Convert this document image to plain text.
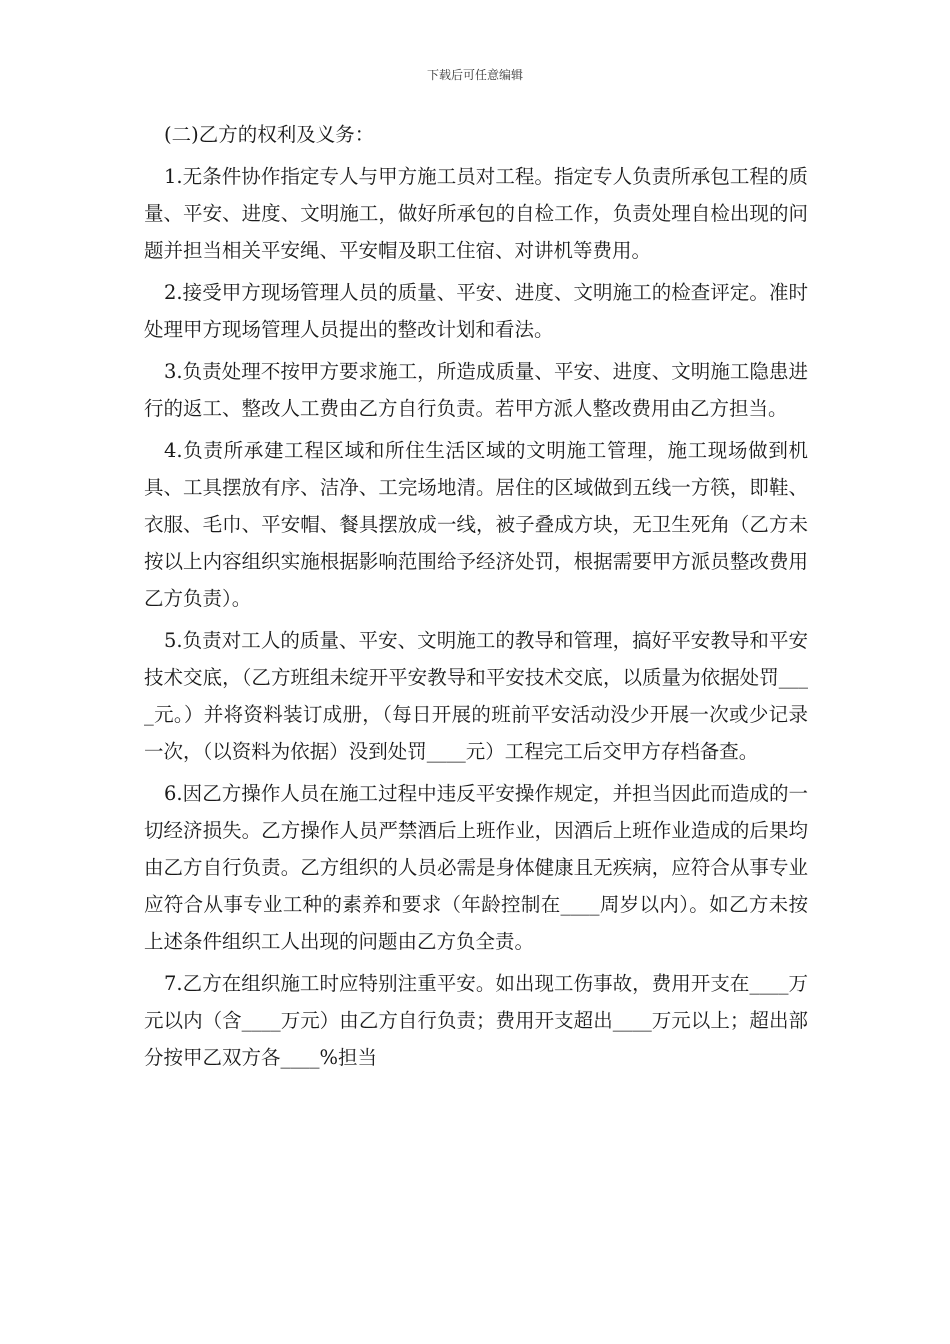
下载后可任意编辑

(二)乙方的权利及义务：

1.无条件协作指定专人与甲方施工员对工程。指定专人负责所承包工程的质量、平安、进度、文明施工，做好所承包的自检工作，负责处理自检出现的问题并担当相关平安绳、平安帽及职工住宿、对讲机等费用。

2.接受甲方现场管理人员的质量、平安、进度、文明施工的检查评定。准时处理甲方现场管理人员提出的整改计划和看法。

3.负责处理不按甲方要求施工，所造成质量、平安、进度、文明施工隐患进行的返工、整改人工费由乙方自行负责。若甲方派人整改费用由乙方担当。

4.负责所承建工程区域和所住生活区域的文明施工管理，施工现场做到机具、工具摆放有序、洁净、工完场地清。居住的区域做到五线一方筷，即鞋、衣服、毛巾、平安帽、餐具摆放成一线，被子叠成方块，无卫生死角（乙方未按以上内容组织实施根据影响范围给予经济处罚，根据需要甲方派员整改费用乙方负责）。

5.负责对工人的质量、平安、文明施工的教导和管理，搞好平安教导和平安技术交底，（乙方班组未绽开平安教导和平安技术交底，以质量为依据处罚____元。）并将资料装订成册，（每日开展的班前平安活动没少开展一次或少记录一次，（以资料为依据）没到处罚____元）工程完工后交甲方存档备查。

6.因乙方操作人员在施工过程中违反平安操作规定，并担当因此而造成的一切经济损失。乙方操作人员严禁酒后上班作业，因酒后上班作业造成的后果均由乙方自行负责。乙方组织的人员必需是身体健康且无疾病，应符合从事专业应符合从事专业工种的素养和要求（年龄控制在____周岁以内）。如乙方未按上述条件组织工人出现的问题由乙方负全责。

7.乙方在组织施工时应特别注重平安。如出现工伤事故，费用开支在____万元以内（含____万元）由乙方自行负责；费用开支超出____万元以上；超出部分按甲乙双方各____%担当
